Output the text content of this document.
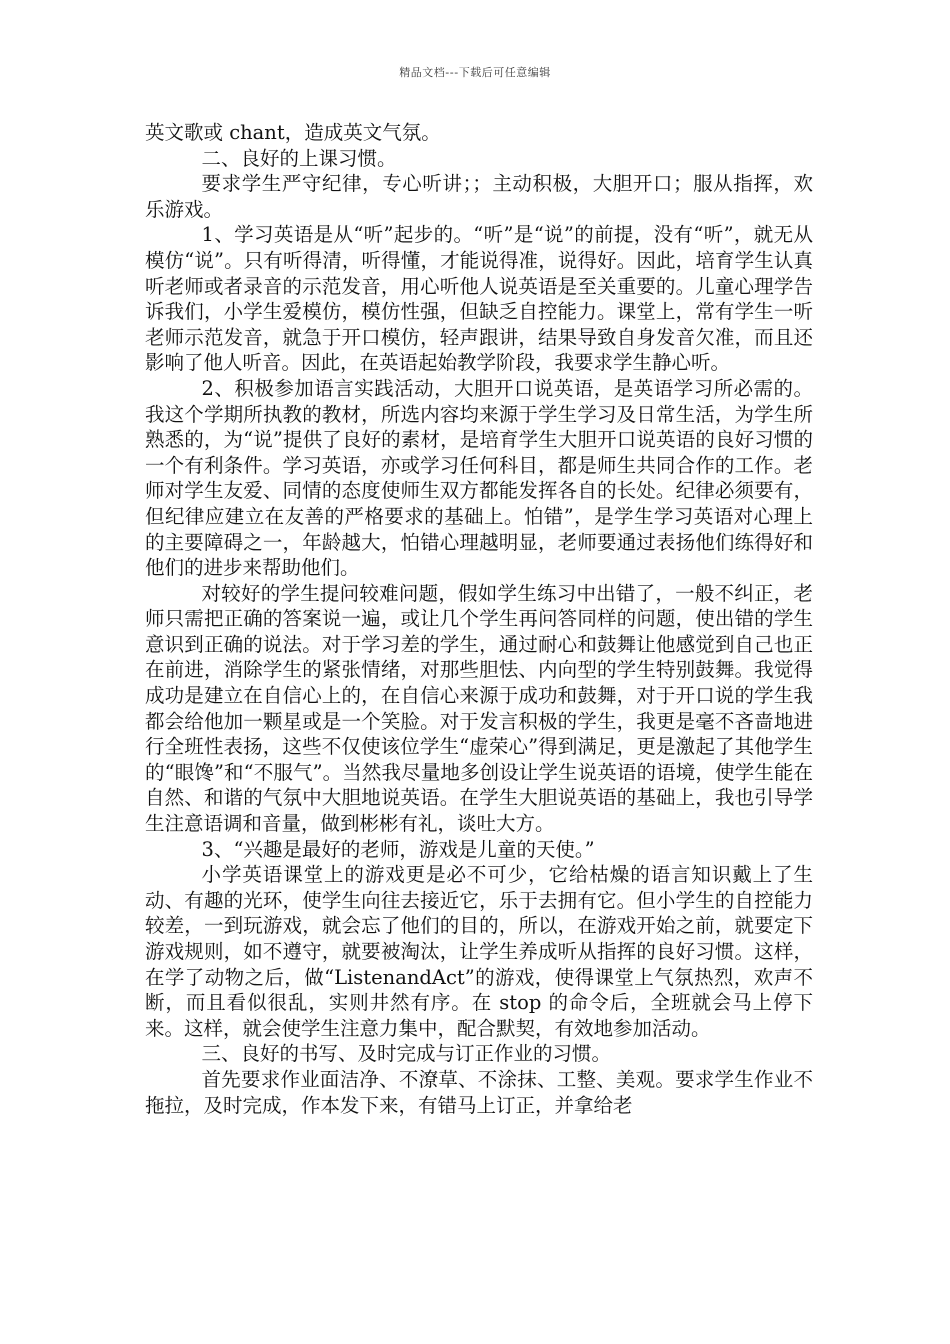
精品文档---下载后可任意编辑

英文歌或 chant，造成英文气氛。

二、良好的上课习惯。

要求学生严守纪律，专心听讲；；主动积极，大胆开口；服从指挥，欢乐游戏。

1、学习英语是从“听”起步的。“听”是“说”的前提，没有“听”，就无从模仿“说”。只有听得清，听得懂，才能说得准，说得好。因此，培育学生认真听老师或者录音的示范发音，用心听他人说英语是至关重要的。儿童心理学告诉我们，小学生爱模仿，模仿性强，但缺乏自控能力。课堂上，常有学生一听老师示范发音，就急于开口模仿，轻声跟讲，结果导致自身发音欠准，而且还影响了他人听音。因此，在英语起始教学阶段，我要求学生静心听。

2、积极参加语言实践活动，大胆开口说英语，是英语学习所必需的。我这个学期所执教的教材，所选内容均来源于学生学习及日常生活，为学生所熟悉的，为“说”提供了良好的素材，是培育学生大胆开口说英语的良好习惯的一个有利条件。学习英语，亦或学习任何科目，都是师生共同合作的工作。老师对学生友爱、同情的态度使师生双方都能发挥各自的长处。纪律必须要有，但纪律应建立在友善的严格要求的基础上。怕错”，是学生学习英语对心理上的主要障碍之一，年龄越大，怕错心理越明显，老师要通过表扬他们练得好和他们的进步来帮助他们。

对较好的学生提问较难问题，假如学生练习中出错了，一般不纠正，老师只需把正确的答案说一遍，或让几个学生再问答同样的问题，使出错的学生意识到正确的说法。对于学习差的学生，通过耐心和鼓舞让他感觉到自己也正在前进，消除学生的紧张情绪，对那些胆怯、内向型的学生特别鼓舞。我觉得成功是建立在自信心上的，在自信心来源于成功和鼓舞，对于开口说的学生我都会给他加一颗星或是一个笑脸。对于发言积极的学生，我更是毫不吝啬地进行全班性表扬，这些不仅使该位学生“虚荣心”得到满足，更是激起了其他学生的“眼馋”和“不服气”。当然我尽量地多创设让学生说英语的语境，使学生能在自然、和谐的气氛中大胆地说英语。在学生大胆说英语的基础上，我也引导学生注意语调和音量，做到彬彬有礼，谈吐大方。

3、“兴趣是最好的老师，游戏是儿童的天使。”

小学英语课堂上的游戏更是必不可少，它给枯燥的语言知识戴上了生动、有趣的光环，使学生向往去接近它，乐于去拥有它。但小学生的自控能力较差，一到玩游戏，就会忘了他们的目的，所以，在游戏开始之前，就要定下游戏规则，如不遵守，就要被淘汰，让学生养成听从指挥的良好习惯。这样，在学了动物之后，做“ListenandAct”的游戏，使得课堂上气氛热烈，欢声不断，而且看似很乱，实则井然有序。在 stop 的命令后，全班就会马上停下来。这样，就会使学生注意力集中，配合默契，有效地参加活动。

三、良好的书写、及时完成与订正作业的习惯。

首先要求作业面洁净、不潦草、不涂抹、工整、美观。要求学生作业不拖拉，及时完成，作本发下来，有错马上订正，并拿给老
